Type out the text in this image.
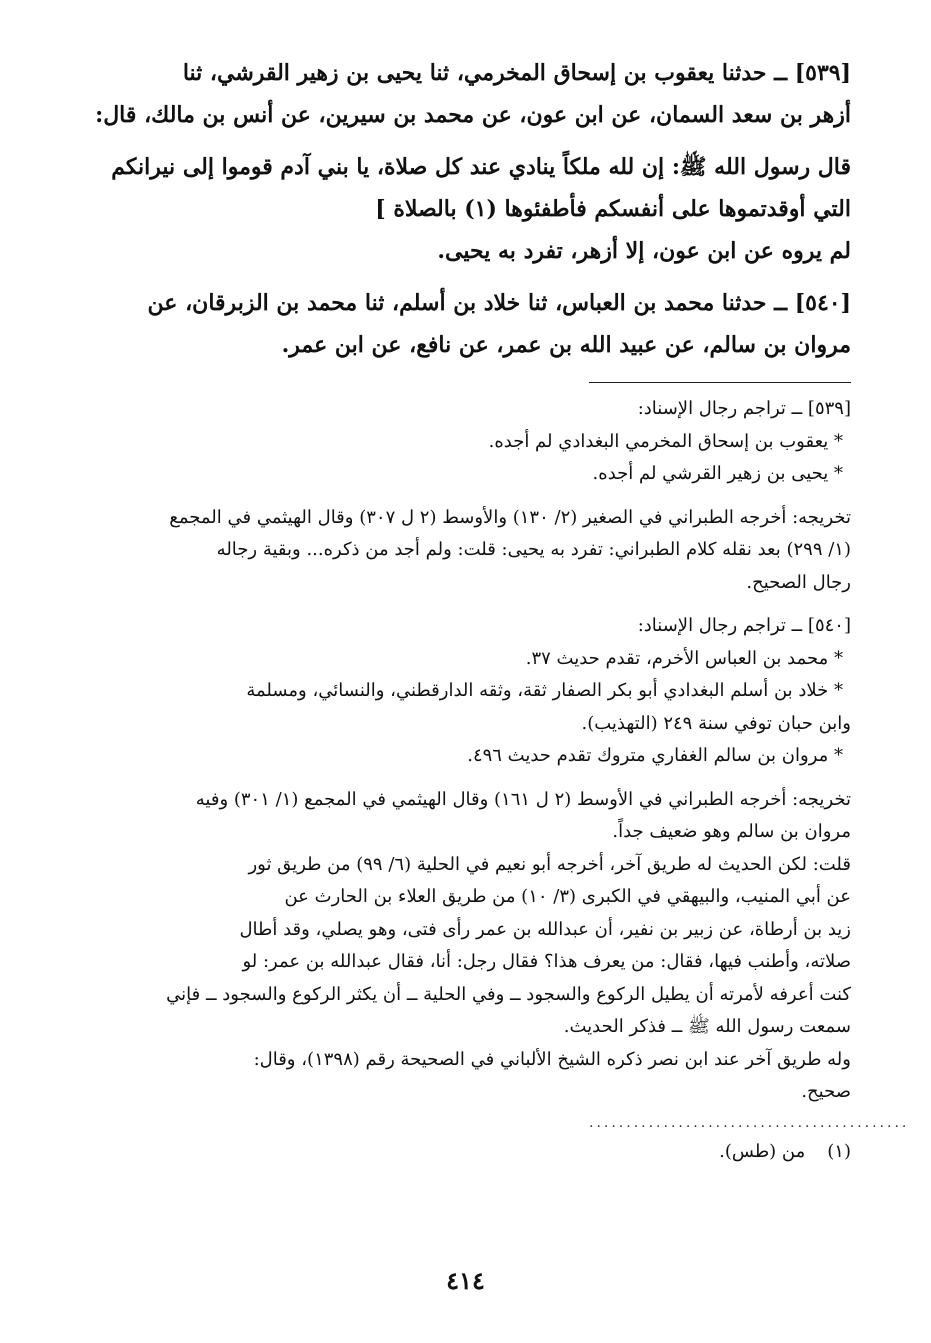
[٥٣٩] ــ حدثنا يعقوب بن إسحاق المخرمي، ثنا يحيى بن زهير القرشي، ثنا

أزهر بن سعد السمان، عن ابن عون، عن محمد بن سيرين، عن أنس بن مالك، قال:

قال رسول الله ﷺ: إن لله ملكاً ينادي عند كل صلاة، يا بني آدم قوموا إلى نيرانكم

التي أوقدتموها على أنفسكم فأطفئوها (١) بالصلاة ]

لم يروه عن ابن عون، إلا أزهر، تفرد به يحيى.

[٥٤٠] ــ حدثنا محمد بن العباس، ثنا خلاد بن أسلم، ثنا محمد بن الزبرقان، عن

مروان بن سالم، عن عبيد الله بن عمر، عن نافع، عن ابن عمر.

[٥٣٩] ــ تراجم رجال الإسناد:

* يعقوب بن إسحاق المخرمي البغدادي لم أجده.

* يحيى بن زهير القرشي لم أجده.

تخريجه: أخرجه الطبراني في الصغير (٢/ ١٣٠) والأوسط (٢ ل ٣٠٧) وقال الهيثمي في المجمع

(١/ ٢٩٩) بعد نقله كلام الطبراني: تفرد به يحيى: قلت: ولم أجد من ذكره... وبقية رجاله

رجال الصحيح.

[٥٤٠] ــ تراجم رجال الإسناد:

* محمد بن العباس الأخرم، تقدم حديث ٣٧.

* خلاد بن أسلم البغدادي أبو بكر الصفار ثقة، وثقه الدارقطني، والنسائي، ومسلمة

وابن حبان توفي سنة ٢٤٩ (التهذيب).

* مروان بن سالم الغفاري متروك تقدم حديث ٤٩٦.

تخريجه: أخرجه الطبراني في الأوسط (٢ ل ١٦١) وقال الهيثمي في المجمع (١/ ٣٠١) وفيه

مروان بن سالم وهو ضعيف جداً.

قلت: لكن الحديث له طريق آخر، أخرجه أبو نعيم في الحلية (٦/ ٩٩) من طريق ثور

عن أبي المنيب، والبيهقي في الكبرى (٣/ ١٠) من طريق العلاء بن الحارث عن

زيد بن أرطاة، عن زبير بن نفير، أن عبدالله بن عمر رأى فتى، وهو يصلي، وقد أطال

صلاته، وأطنب فيها، فقال: من يعرف هذا؟ فقال رجل: أنا، فقال عبدالله بن عمر: لو

كنت أعرفه لأمرته أن يطيل الركوع والسجود ــ وفي الحلية ــ أن يكثر الركوع والسجود ــ فإني

سمعت رسول الله ﷺ ــ فذكر الحديث.

وله طريق آخر عند ابن نصر ذكره الشيخ الألباني في الصحيحة رقم (١٣٩٨)، وقال:

صحيح.

...........................................
(١) من (طس).
٤١٤
